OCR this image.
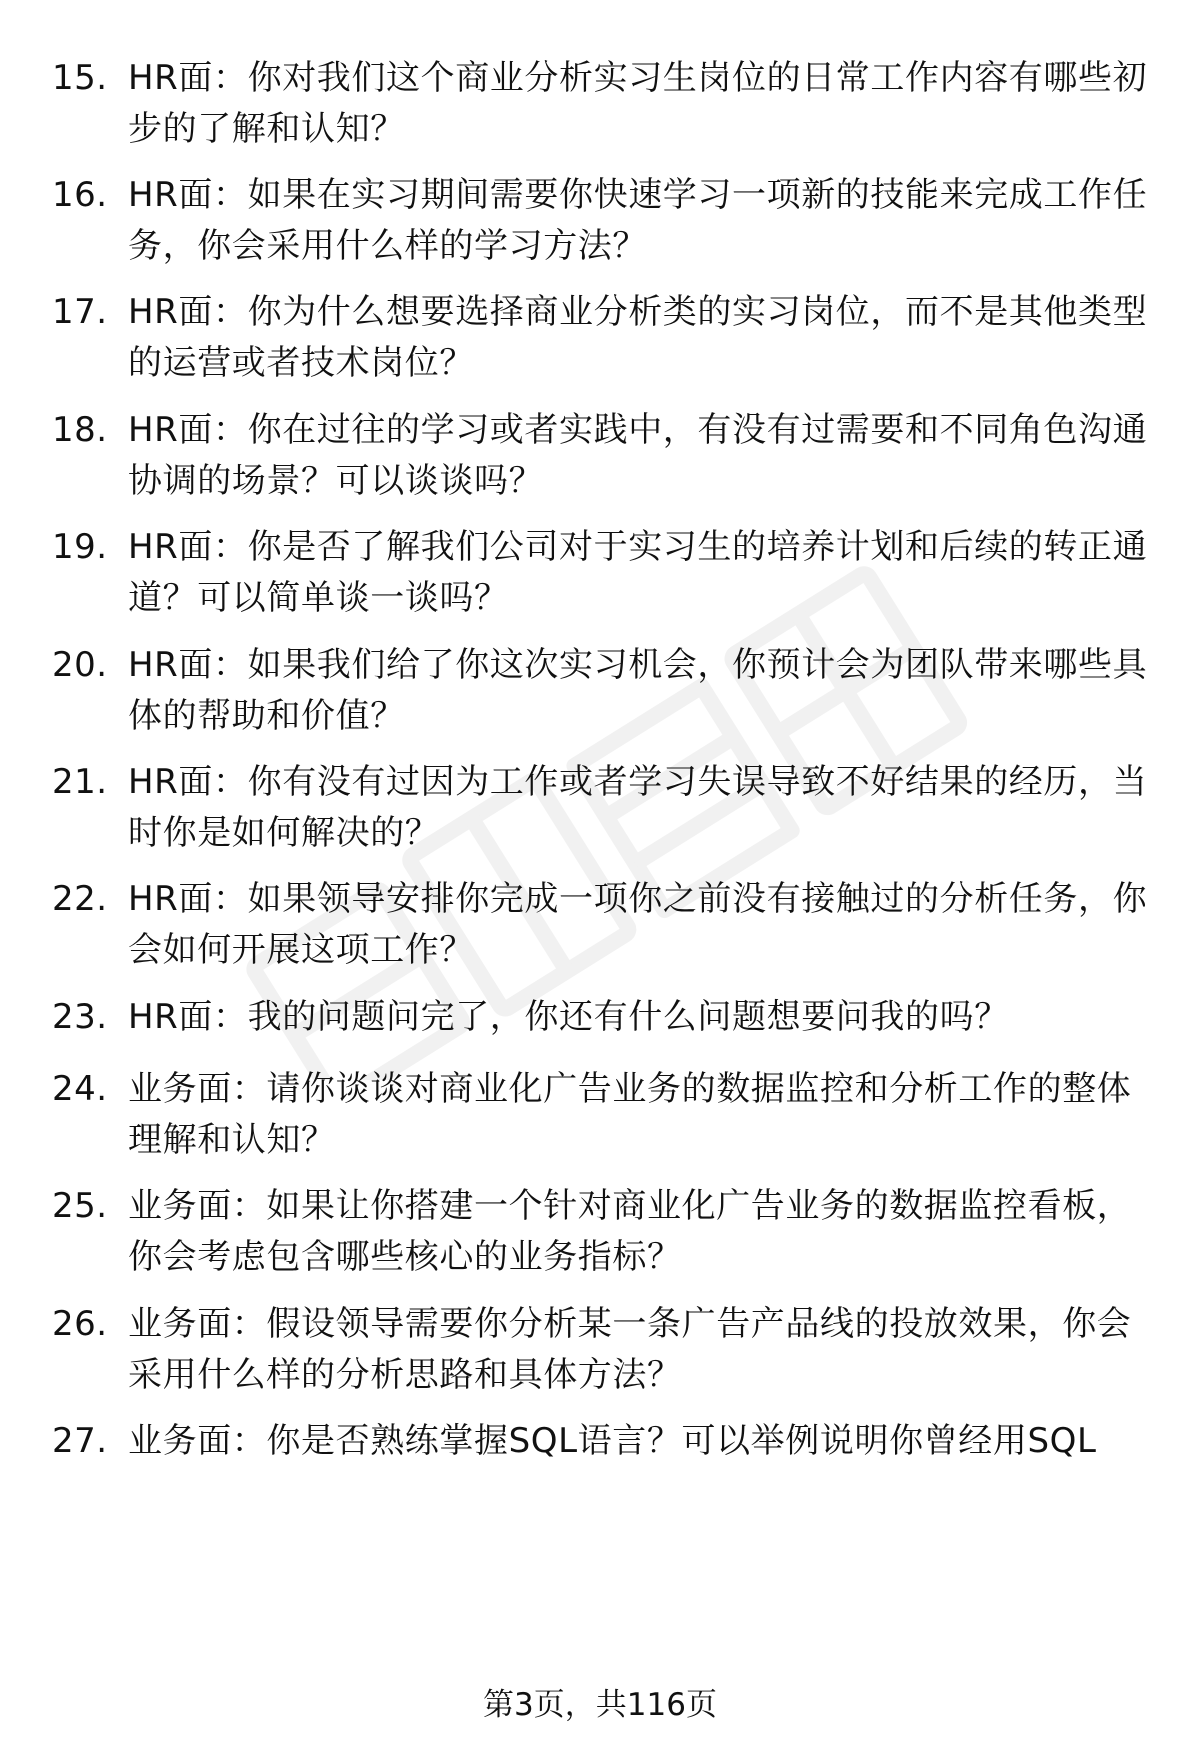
15. HR面：你对我们这个商业分析实习生岗位的日常工作内容有哪些初步的了解和认知？
16. HR面：如果在实习期间需要你快速学习一项新的技能来完成工作任务，你会采用什么样的学习方法？
17. HR面：你为什么想要选择商业分析类的实习岗位，而不是其他类型的运营或者技术岗位？
18. HR面：你在过往的学习或者实践中，有没有过需要和不同角色沟通协调的场景？可以谈谈吗？
19. HR面：你是否了解我们公司对于实习生的培养计划和后续的转正通道？可以简单谈一谈吗？
20. HR面：如果我们给了你这次实习机会，你预计会为团队带来哪些具体的帮助和价值？
21. HR面：你有没有过因为工作或者学习失误导致不好结果的经历，当时你是如何解决的？
22. HR面：如果领导安排你完成一项你之前没有接触过的分析任务，你会如何开展这项工作？
23. HR面：我的问题问完了，你还有什么问题想要问我的吗？
24. 业务面：请你谈谈对商业化广告业务的数据监控和分析工作的整体理解和认知？
25. 业务面：如果让你搭建一个针对商业化广告业务的数据监控看板，你会考虑包含哪些核心的业务指标？
26. 业务面：假设领导需要你分析某一条广告产品线的投放效果，你会采用什么样的分析思路和具体方法？
27. 业务面：你是否熟练掌握SQL语言？可以举例说明你曾经用SQL
第3页，共116页
